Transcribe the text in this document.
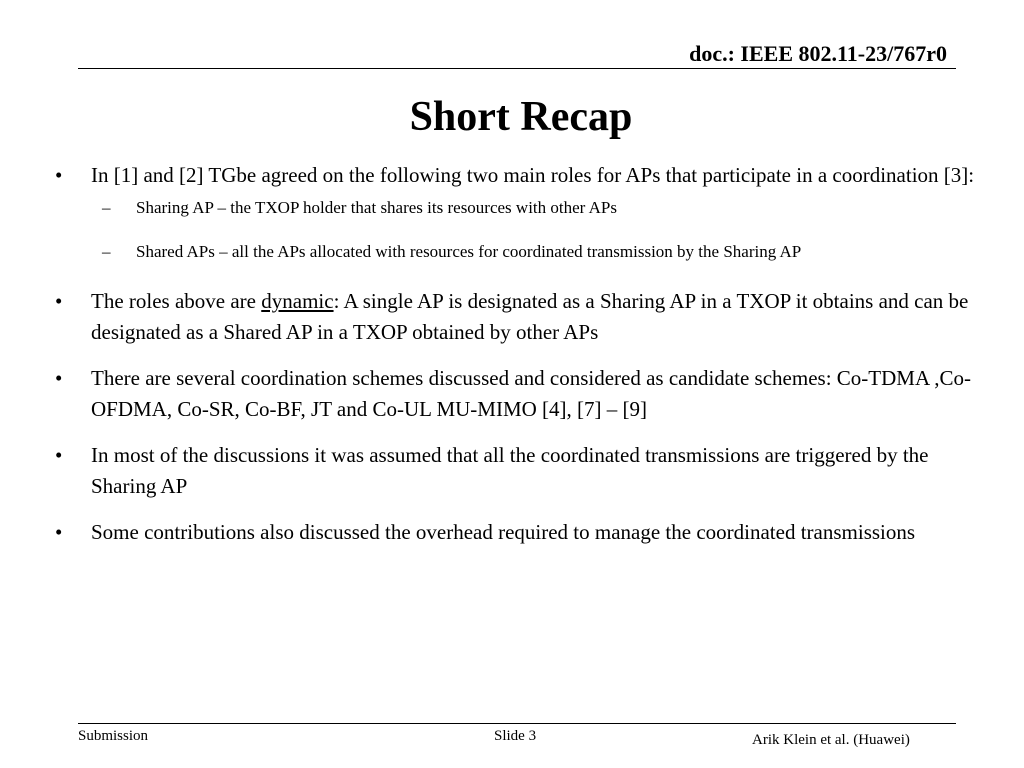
doc.: IEEE 802.11-23/767r0
Short Recap
• In [1] and [2] TGbe agreed on the following two main roles for APs that participate in a coordination [3]:
– Sharing AP – the TXOP holder that shares its resources with other APs
– Shared APs – all the APs allocated with resources for coordinated transmission by the Sharing AP
• The roles above are dynamic: A single AP is designated as a Sharing AP in a TXOP it obtains and can be designated as a Shared AP in a TXOP obtained by other APs
• There are several coordination schemes discussed and considered as candidate schemes: Co-TDMA ,Co-OFDMA, Co-SR, Co-BF, JT and Co-UL MU-MIMO [4], [7] – [9]
• In most of the discussions it was assumed that all the coordinated transmissions are triggered by the Sharing AP
• Some contributions also discussed the overhead required to manage the coordinated transmissions
Submission	Slide 3	Arik Klein et al. (Huawei)
